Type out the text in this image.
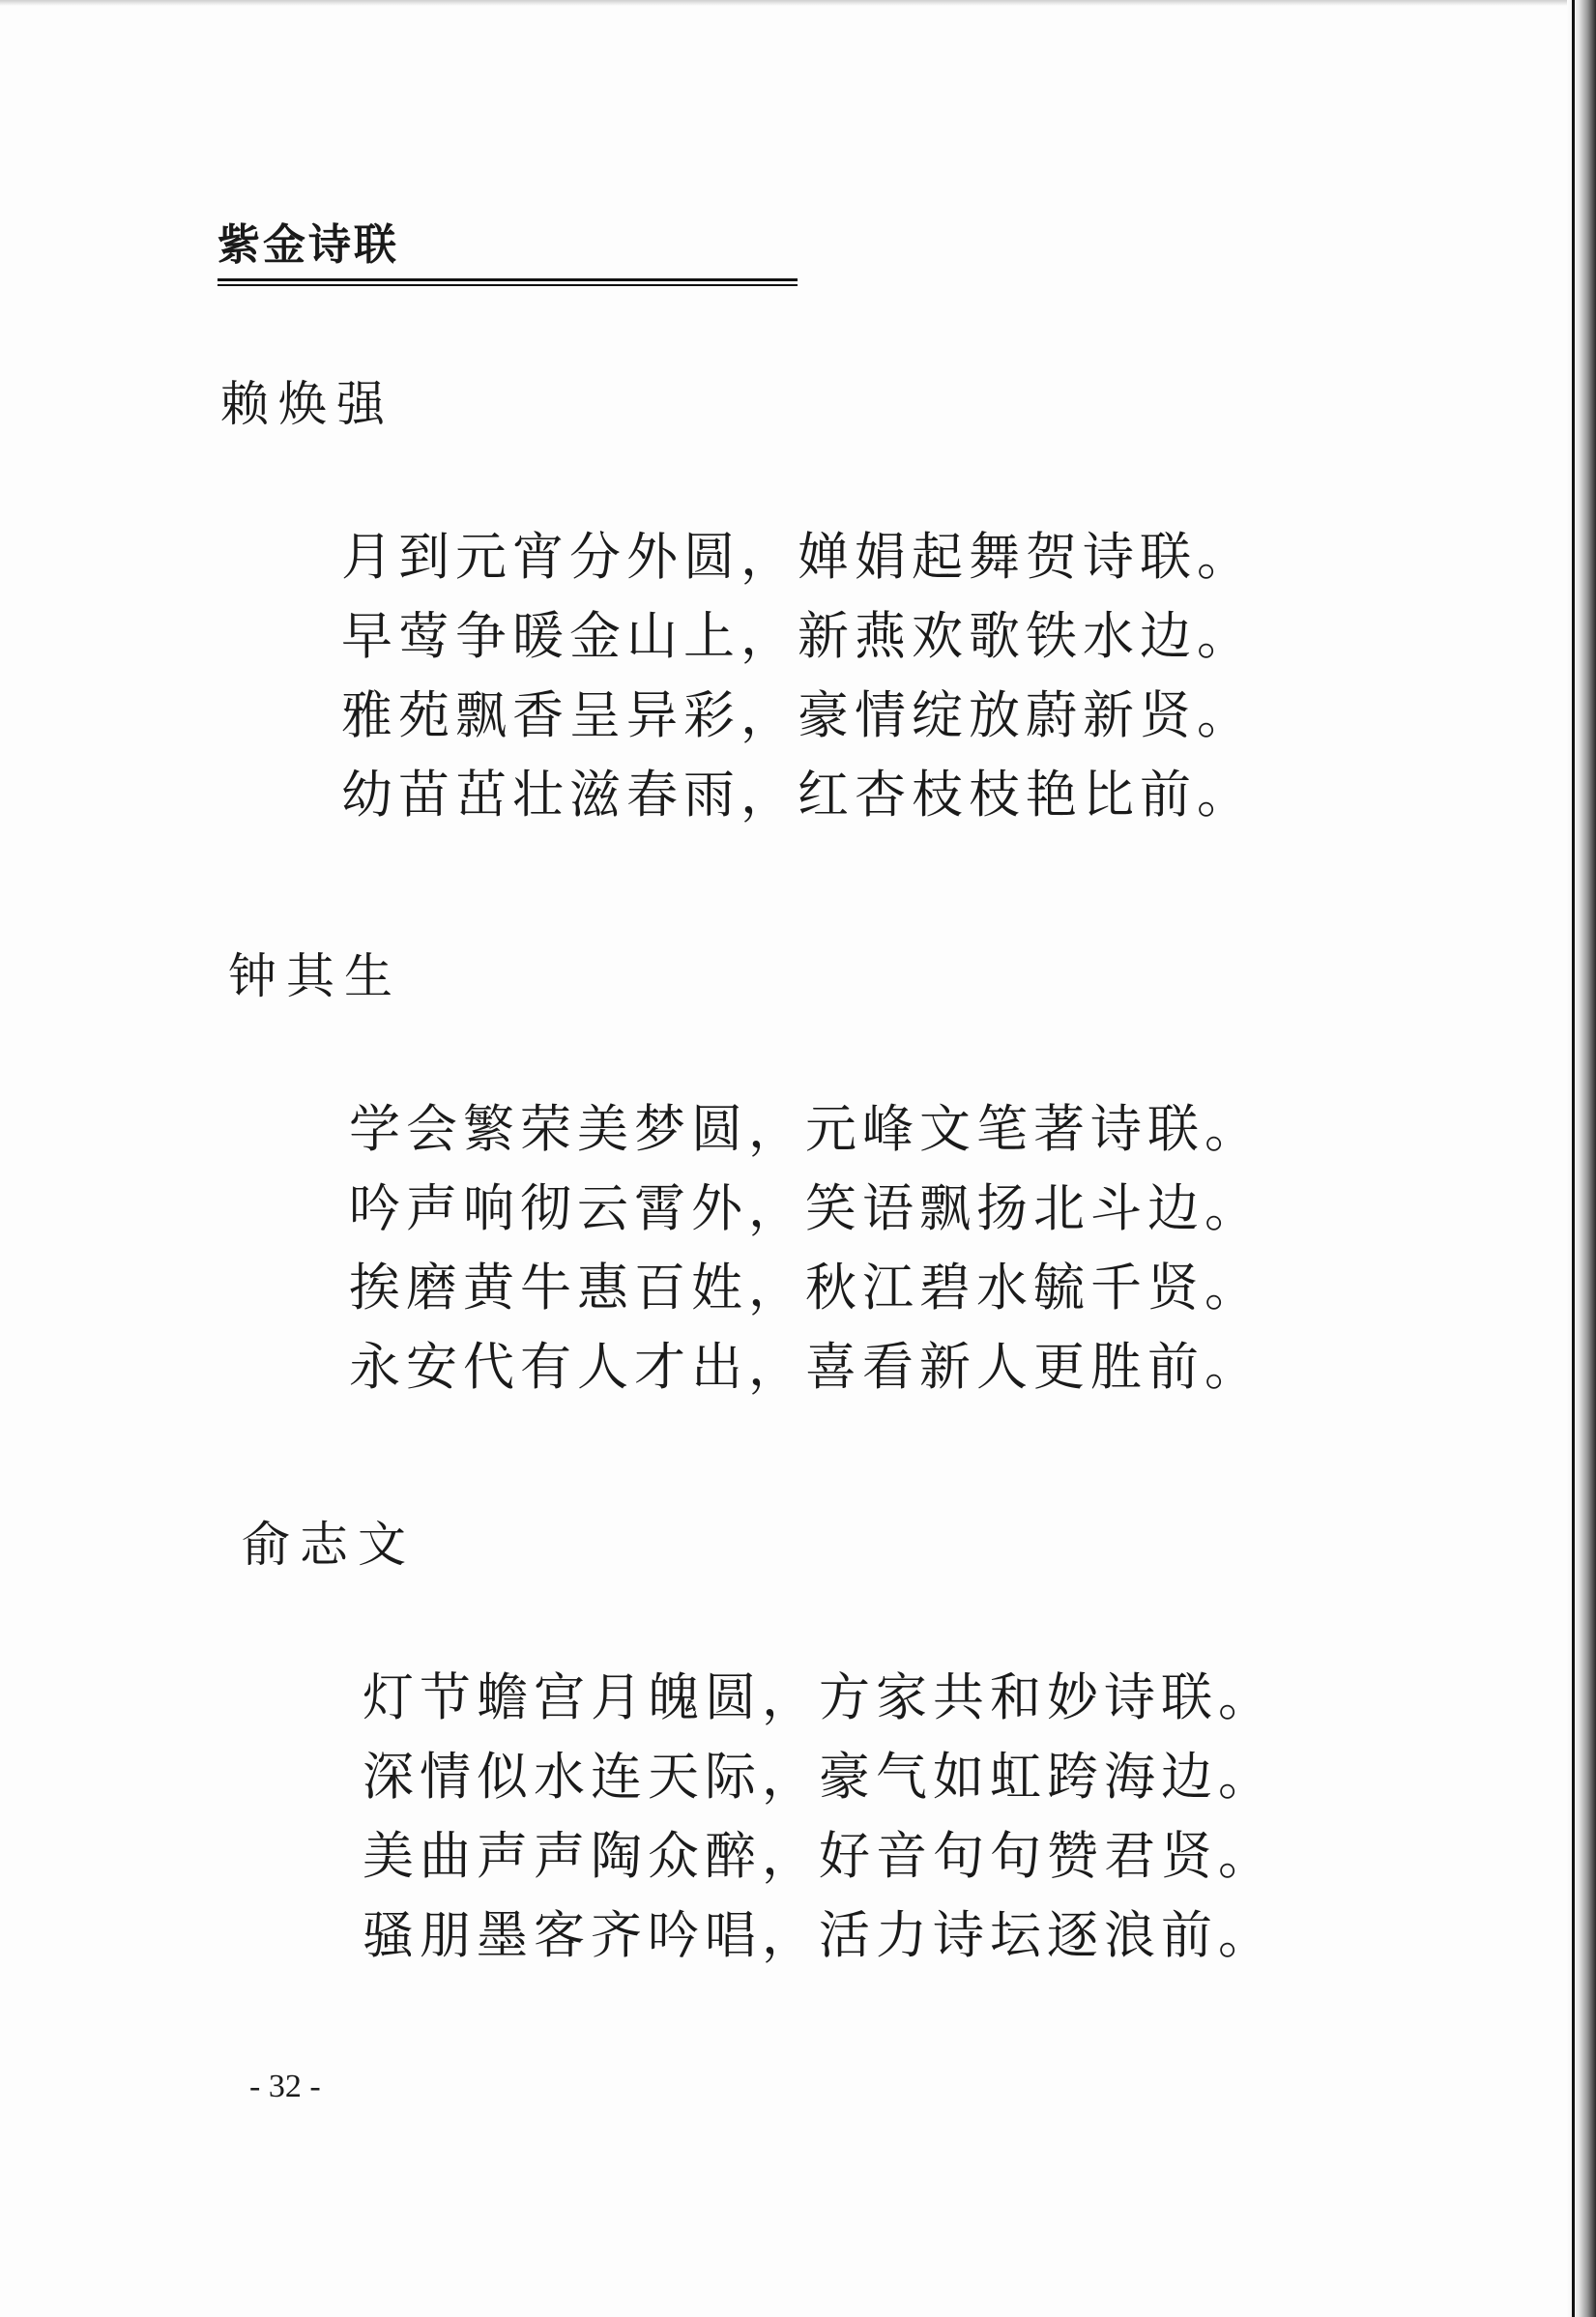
紫金诗联
赖焕强
月到元宵分外圆，婵娟起舞贺诗联。
早莺争暖金山上，新燕欢歌铁水边。
雅苑飘香呈异彩，豪情绽放蔚新贤。
幼苗茁壮滋春雨，红杏枝枝艳比前。
钟其生
学会繁荣美梦圆，元峰文笔著诗联。
吟声响彻云霄外，笑语飘扬北斗边。
挨磨黄牛惠百姓，秋江碧水毓千贤。
永安代有人才出，喜看新人更胜前。
俞志文
灯节蟾宫月魄圆，方家共和妙诗联。
深情似水连天际，豪气如虹跨海边。
美曲声声陶众醉，好音句句赞君贤。
骚朋墨客齐吟唱，活力诗坛逐浪前。
- 32 -
